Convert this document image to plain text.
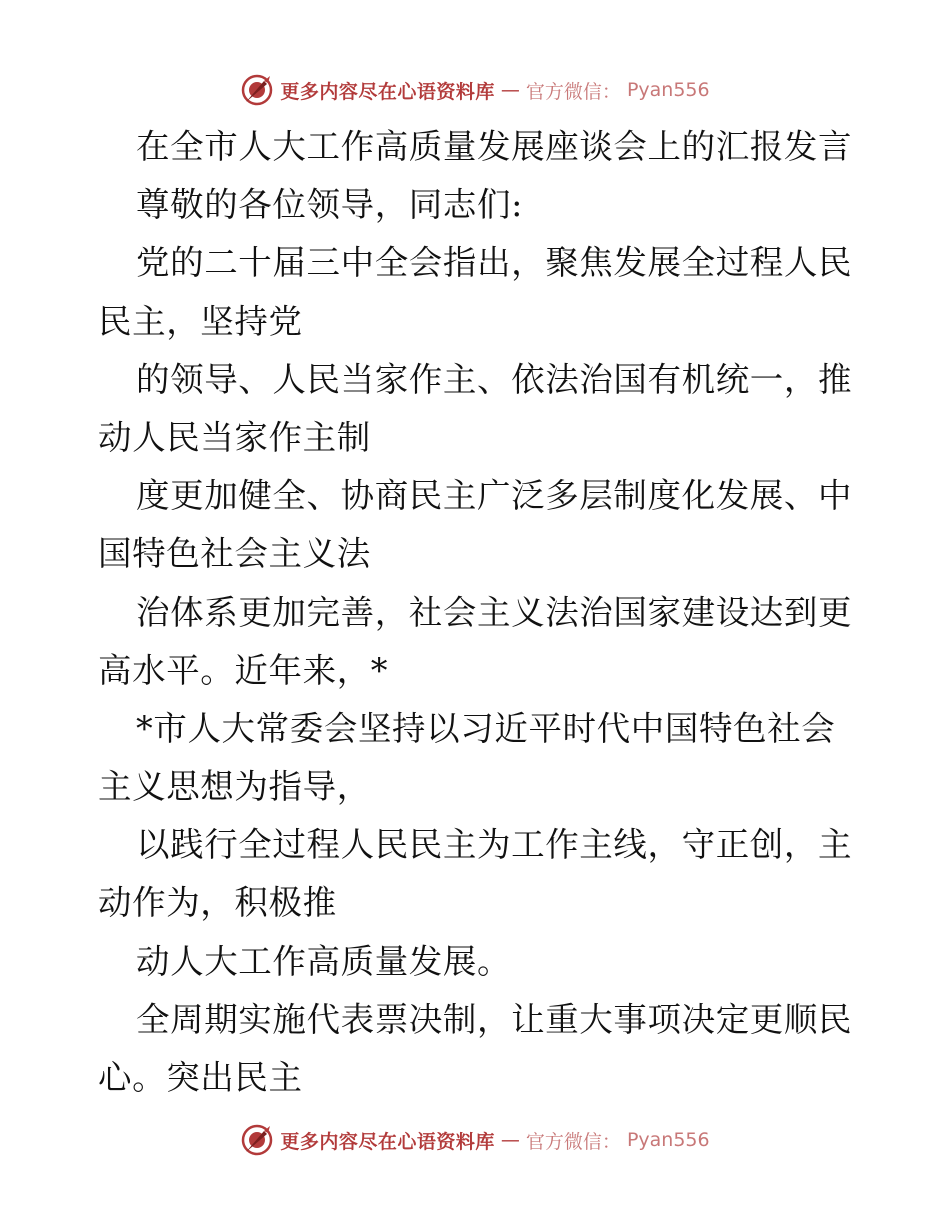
更多内容尽在心语资料库 — 官方微信： Pyan556
在全市人大工作高质量发展座谈会上的汇报发言
尊敬的各位领导，同志们:
党的二十届三中全会指出，聚焦发展全过程人民
民主，坚持党
的领导、人民当家作主、依法治国有机统一，推
动人民当家作主制
度更加健全、协商民主广泛多层制度化发展、中
国特色社会主义法
治体系更加完善，社会主义法治国家建设达到更
高水平。近年来，*
*市人大常委会坚持以习近平时代中国特色社会
主义思想为指导，
以践行全过程人民民主为工作主线，守正创，主
动作为，积极推
动人大工作高质量发展。
全周期实施代表票决制，让重大事项决定更顺民
心。突出民主
更多内容尽在心语资料库 — 官方微信： Pyan556
